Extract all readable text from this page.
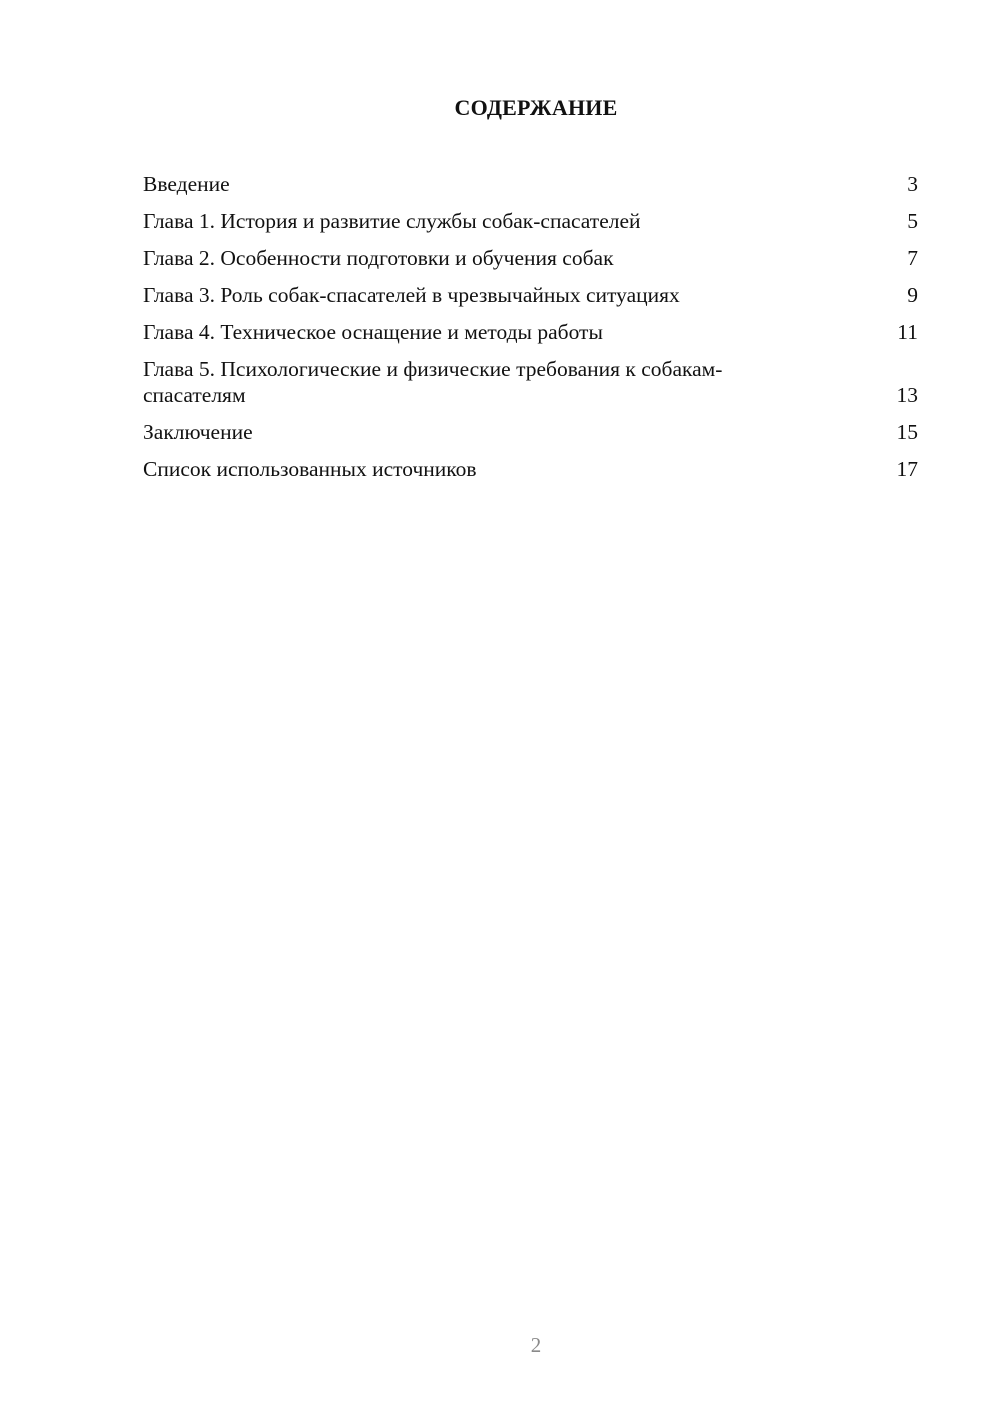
СОДЕРЖАНИЕ
Введение	3
Глава 1. История и развитие службы собак-спасателей	5
Глава 2. Особенности подготовки и обучения собак	7
Глава 3. Роль собак-спасателей в чрезвычайных ситуациях	9
Глава 4. Техническое оснащение и методы работы	11
Глава 5. Психологические и физические требования к собакам-спасателям	13
Заключение	15
Список использованных источников	17
2
